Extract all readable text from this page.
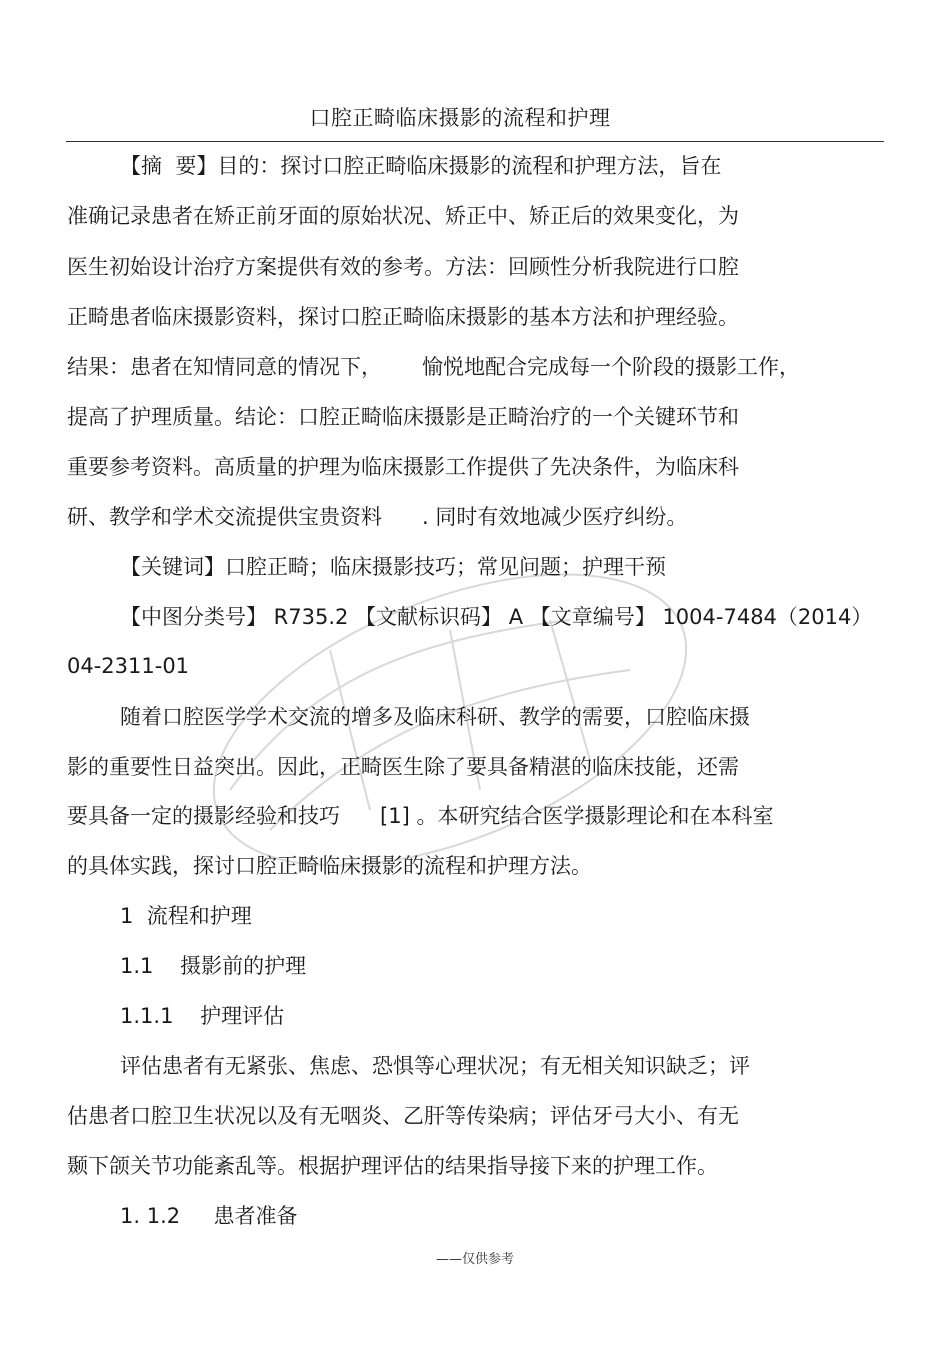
口腔正畸临床摄影的流程和护理
【摘  要】目的：探讨口腔正畸临床摄影的流程和护理方法，旨在
准确记录患者在矫正前牙面的原始状况、矫正中、矫正后的效果变化，为
医生初始设计治疗方案提供有效的参考。方法：回顾性分析我院进行口腔
正畸患者临床摄影资料，探讨口腔正畸临床摄影的基本方法和护理经验。
结果：患者在知情同意的情况下，      愉悦地配合完成每一个阶段的摄影工作，
提高了护理质量。结论：口腔正畸临床摄影是正畸治疗的一个关键环节和
重要参考资料。高质量的护理为临床摄影工作提供了先决条件，为临床科
研、教学和学术交流提供宝贵资料      . 同时有效地减少医疗纠纷。
【关键词】口腔正畸；临床摄影技巧；常见问题；护理干预
【中图分类号】 R735.2 【文献标识码】 A 【文章编号】 1004-7484（2014）
04-2311-01
随着口腔医学学术交流的增多及临床科研、教学的需要，口腔临床摄
影的重要性日益突出。因此，正畸医生除了要具备精湛的临床技能，还需
要具备一定的摄影经验和技巧      [1] 。本研究结合医学摄影理论和在本科室
的具体实践，探讨口腔正畸临床摄影的流程和护理方法。
1  流程和护理
1.1    摄影前的护理
1.1.1    护理评估
评估患者有无紧张、焦虑、恐惧等心理状况；有无相关知识缺乏；评
估患者口腔卫生状况以及有无咽炎、乙肝等传染病；评估牙弓大小、有无
颞下颌关节功能紊乱等。根据护理评估的结果指导接下来的护理工作。
1. 1.2     患者准备
——仅供参考
